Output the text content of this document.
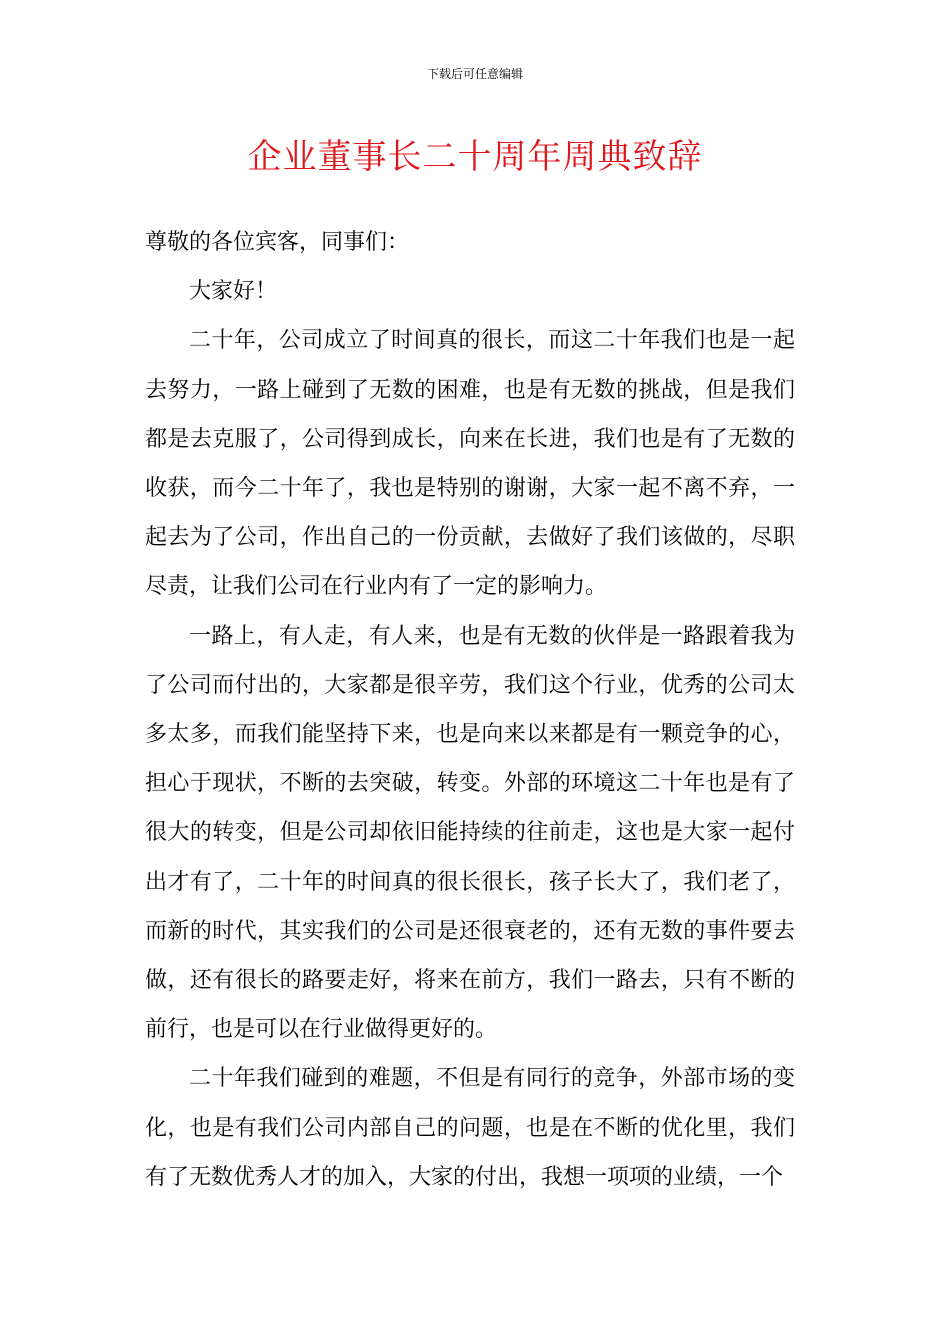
下载后可任意编辑
企业董事长二十周年周典致辞

尊敬的各位宾客，同事们：

大家好！

二十年，公司成立了时间真的很长，而这二十年我们也是一起去努力，一路上碰到了无数的困难，也是有无数的挑战，但是我们都是去克服了，公司得到成长，向来在长进，我们也是有了无数的收获，而今二十年了，我也是特别的谢谢，大家一起不离不弃，一起去为了公司，作出自己的一份贡献，去做好了我们该做的，尽职尽责，让我们公司在行业内有了一定的影响力。

一路上，有人走，有人来，也是有无数的伙伴是一路跟着我为了公司而付出的，大家都是很辛劳，我们这个行业，优秀的公司太多太多，而我们能坚持下来，也是向来以来都是有一颗竞争的心，担心于现状，不断的去突破，转变。外部的环境这二十年也是有了很大的转变，但是公司却依旧能持续的往前走，这也是大家一起付出才有了，二十年的时间真的很长很长，孩子长大了，我们老了，而新的时代，其实我们的公司是还很衰老的，还有无数的事件要去做，还有很长的路要走好，将来在前方，我们一路去，只有不断的前行，也是可以在行业做得更好的。

二十年我们碰到的难题，不但是有同行的竞争，外部市场的变化，也是有我们公司内部自己的问题，也是在不断的优化里，我们有了无数优秀人才的加入，大家的付出，我想一项项的业绩，一个
